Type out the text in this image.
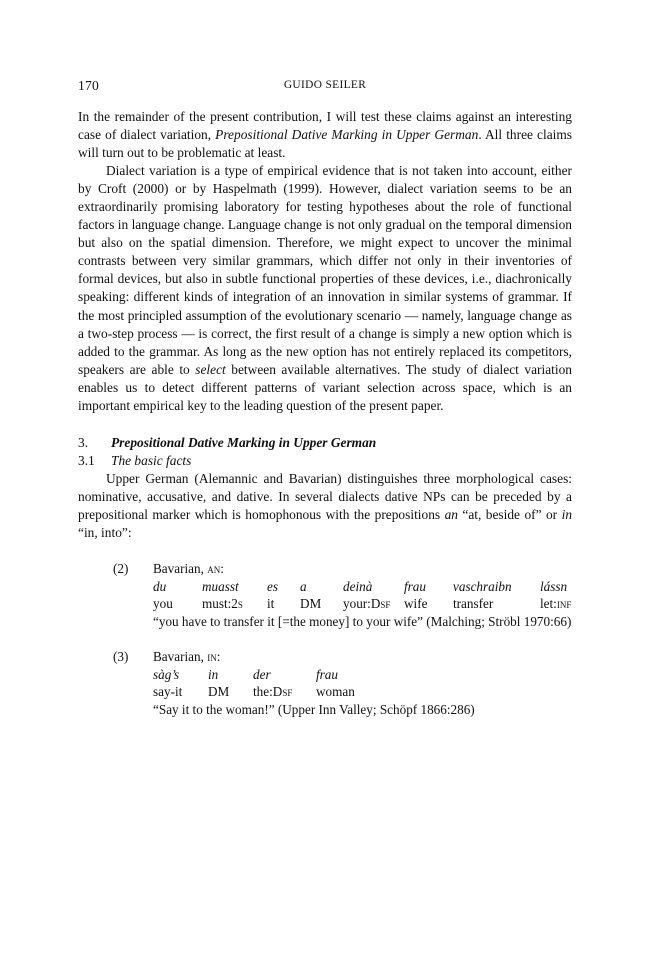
170	GUIDO SEILER

In the remainder of the present contribution, I will test these claims against an interesting case of dialect variation, Prepositional Dative Marking in Upper German. All three claims will turn out to be problematic at least.

Dialect variation is a type of empirical evidence that is not taken into account, either by Croft (2000) or by Haspelmath (1999). However, dialect variation seems to be an extraordinarily promising laboratory for testing hypotheses about the role of functional factors in language change. Language change is not only gradual on the temporal dimension but also on the spatial dimension. Therefore, we might expect to uncover the minimal contrasts between very similar grammars, which differ not only in their inventories of formal devices, but also in subtle functional properties of these devices, i.e., diachronically speaking: different kinds of integration of an innovation in similar systems of grammar. If the most principled assumption of the evolutionary scenario — namely, language change as a two-step process — is correct, the first result of a change is simply a new option which is added to the grammar. As long as the new option has not entirely replaced its competitors, speakers are able to select between available alternatives. The study of dialect variation enables us to detect different patterns of variant selection across space, which is an important empirical key to the leading question of the present paper.

3.	Prepositional Dative Marking in Upper German
3.1	The basic facts

Upper German (Alemannic and Bavarian) distinguishes three morphological cases: nominative, accusative, and dative. In several dialects dative NPs can be preceded by a prepositional marker which is homophonous with the prepositions an “at, beside of” or in “in, into”:

(2) Bavarian, an:
du	muasst	es	a	deinà	frau	vaschraibn	lássn
you	must:2s	it	DM	your:Dsf	wife	transfer	let:inf
“you have to transfer it [=the money] to your wife” (Malching; Ströbl 1970:66)
(3) Bavarian, in:
sàg’s	in	der	frau
say-it	DM	the:Dsf	woman
“Say it to the woman!” (Upper Inn Valley; Schöpf 1866:286)
